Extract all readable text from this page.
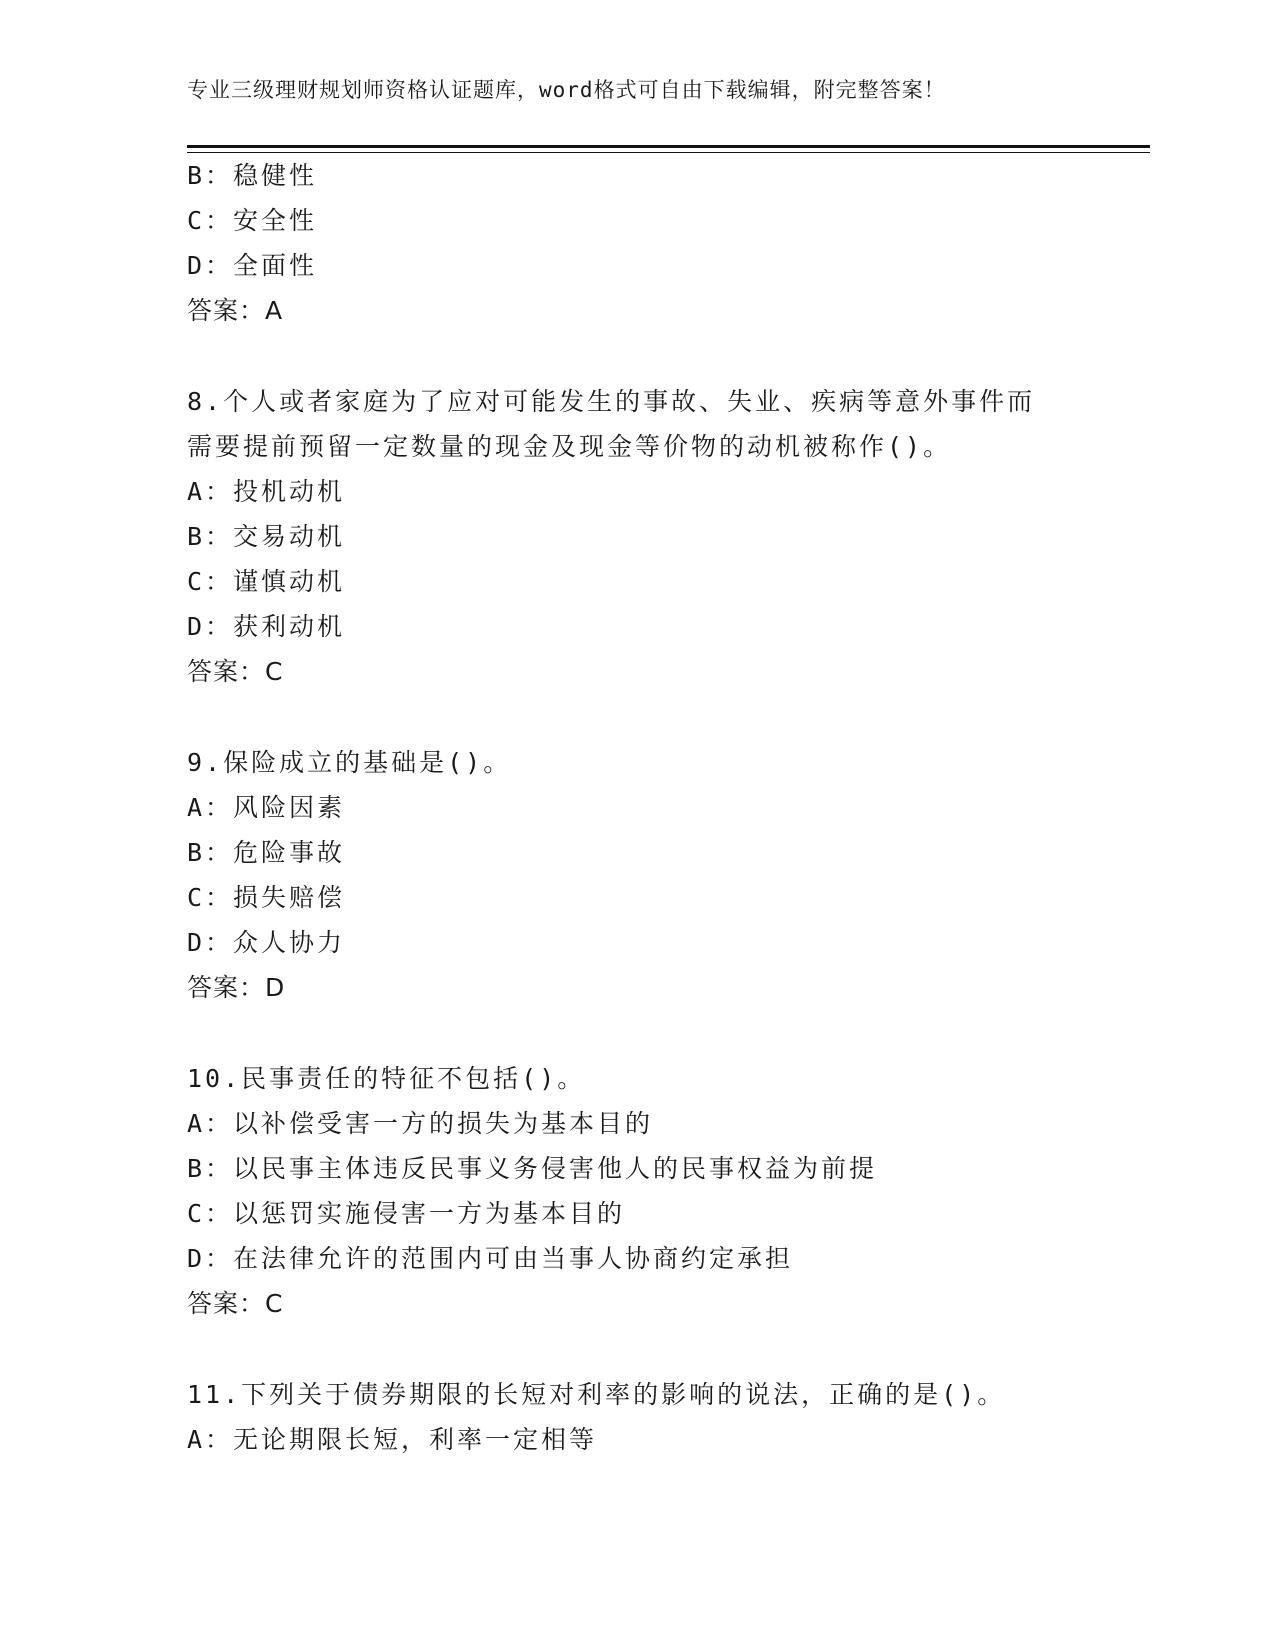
专业三级理财规划师资格认证题库，word格式可自由下载编辑，附完整答案！
B：稳健性
C：安全性
D：全面性
答案：A
8.个人或者家庭为了应对可能发生的事故、失业、疾病等意外事件而
需要提前预留一定数量的现金及现金等价物的动机被称作()。
A：投机动机
B：交易动机
C：谨慎动机
D：获利动机
答案：C
9.保险成立的基础是()。
A：风险因素
B：危险事故
C：损失赔偿
D：众人协力
答案：D
10.民事责任的特征不包括()。
A：以补偿受害一方的损失为基本目的
B：以民事主体违反民事义务侵害他人的民事权益为前提
C：以惩罚实施侵害一方为基本目的
D：在法律允许的范围内可由当事人协商约定承担
答案：C
11.下列关于债券期限的长短对利率的影响的说法，正确的是()。
A：无论期限长短，利率一定相等
